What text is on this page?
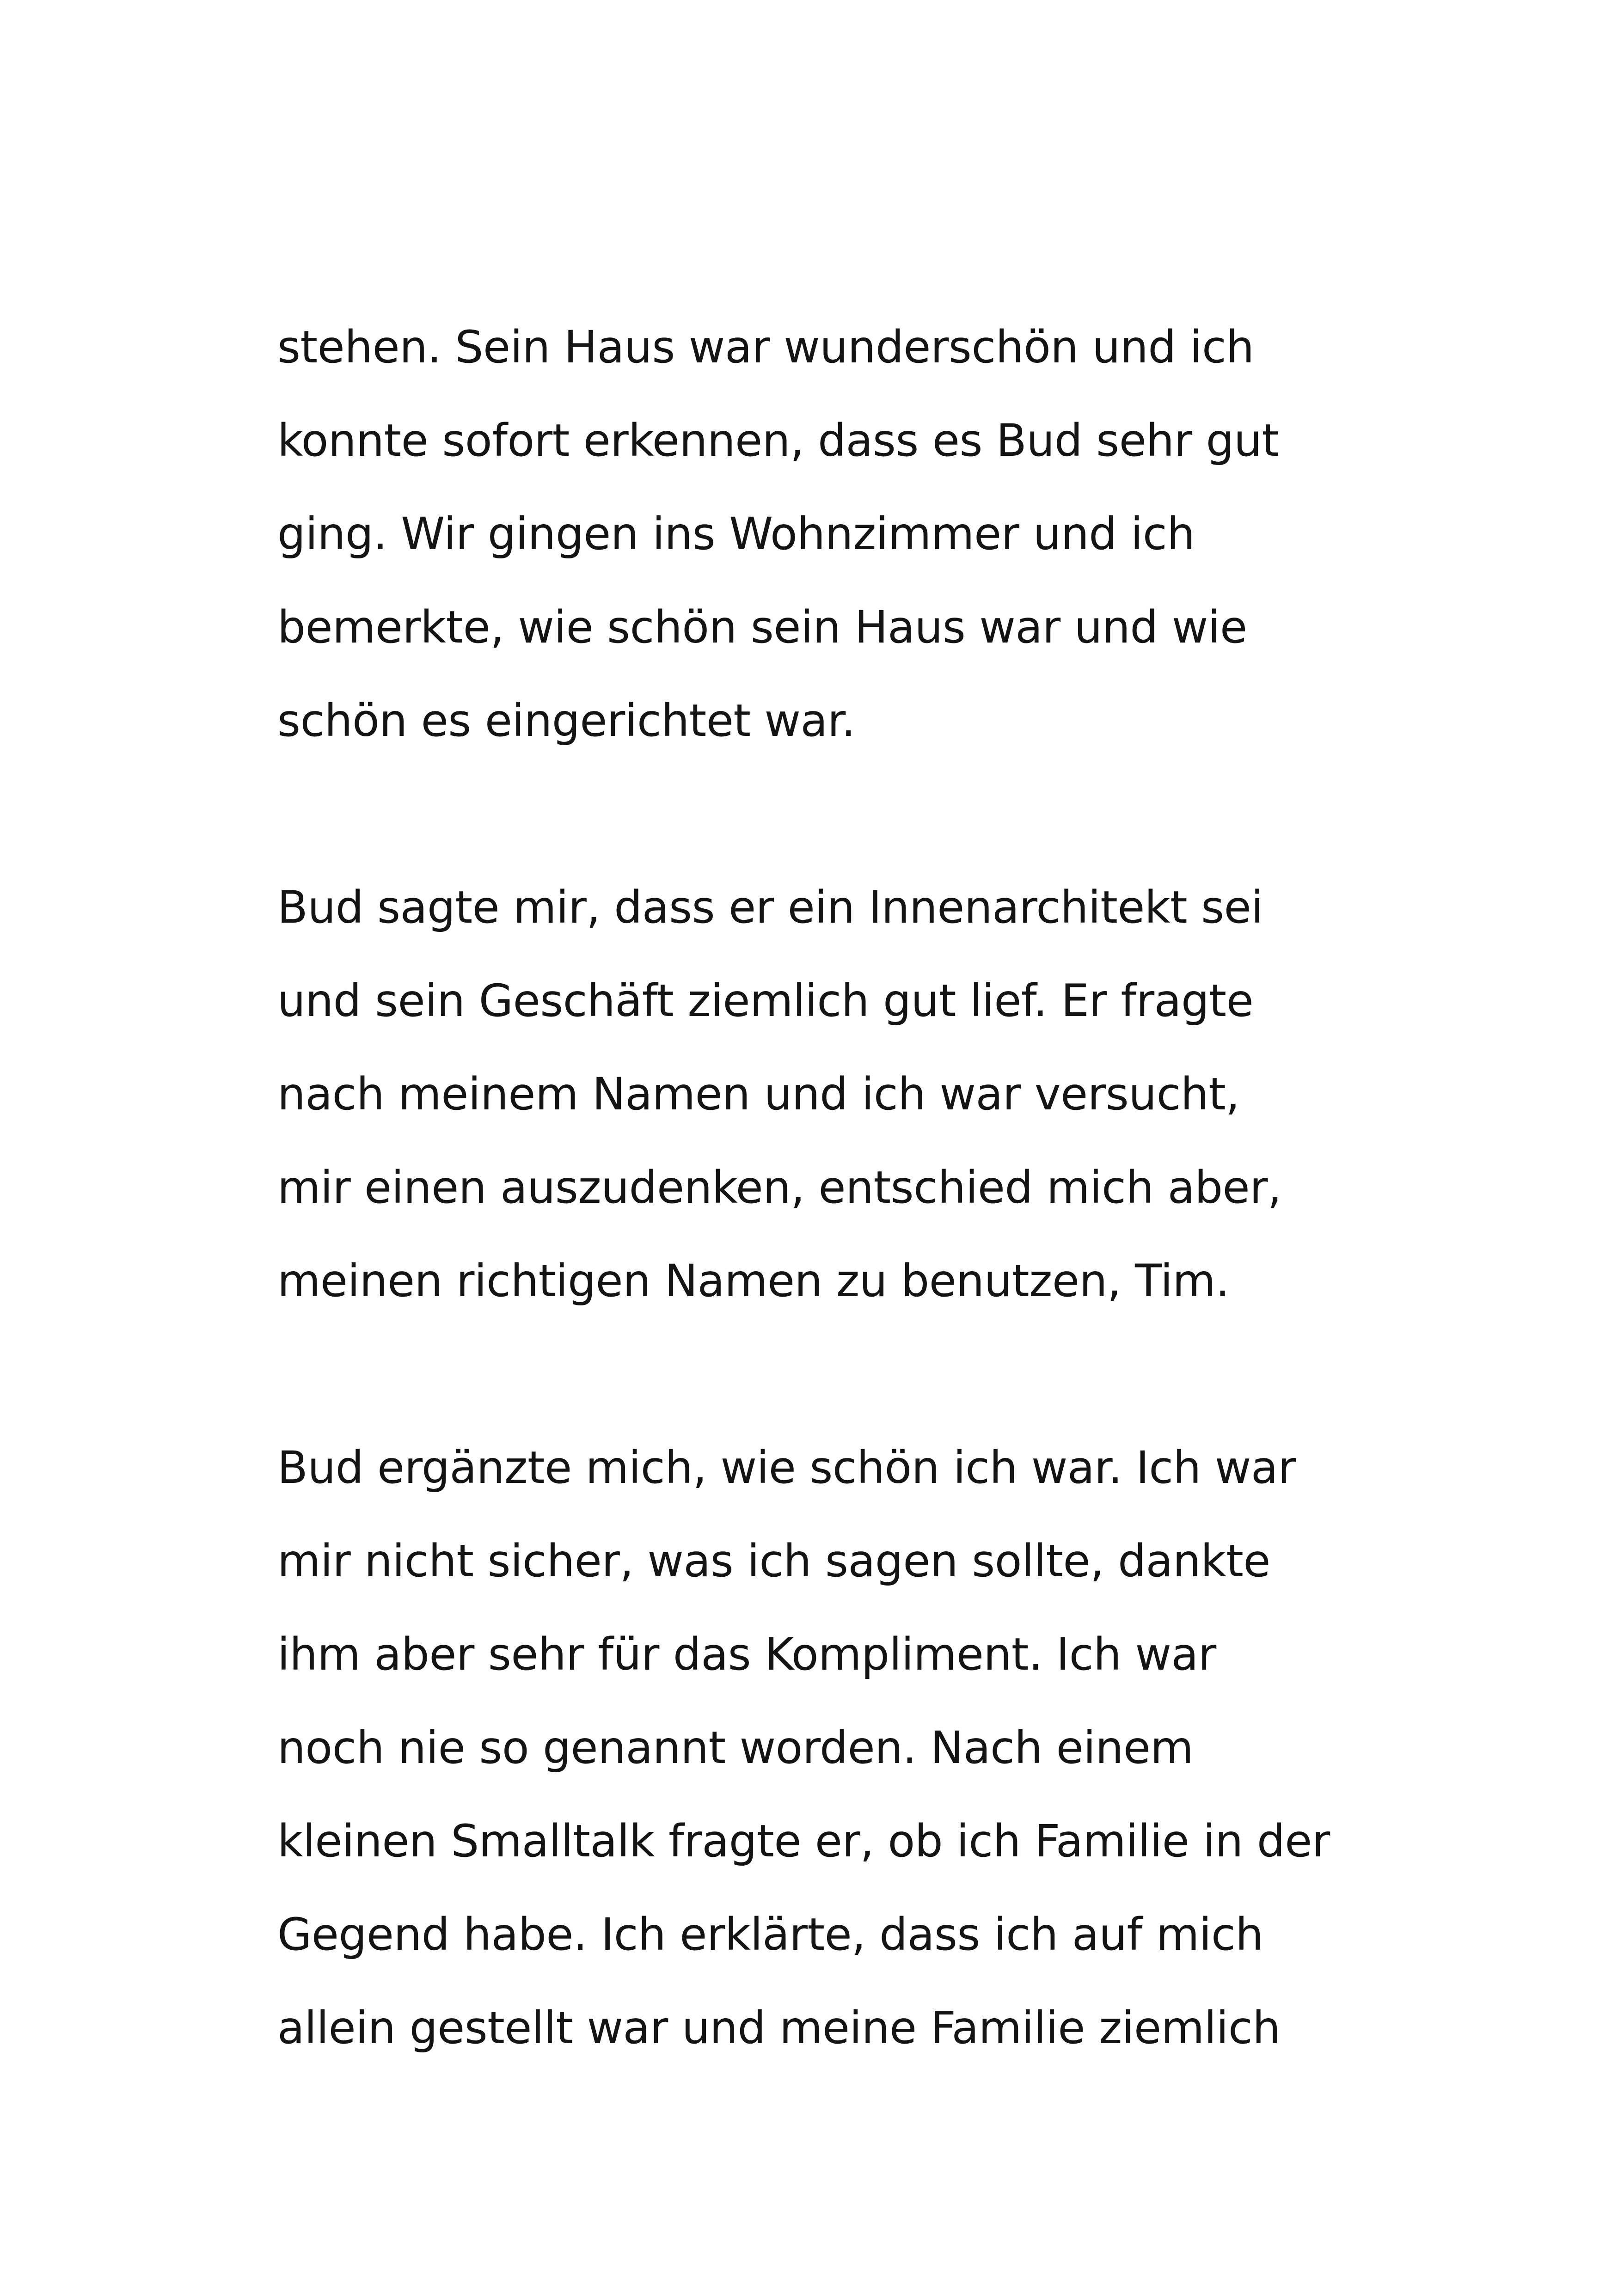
stehen. Sein Haus war wunderschön und ich
konnte sofort erkennen, dass es Bud sehr gut
ging. Wir gingen ins Wohnzimmer und ich
bemerkte, wie schön sein Haus war und wie
schön es eingerichtet war.

Bud sagte mir, dass er ein Innenarchitekt sei
und sein Geschäft ziemlich gut lief. Er fragte
nach meinem Namen und ich war versucht,
mir einen auszudenken, entschied mich aber,
meinen richtigen Namen zu benutzen, Tim.

Bud ergänzte mich, wie schön ich war. Ich war
mir nicht sicher, was ich sagen sollte, dankte
ihm aber sehr für das Kompliment. Ich war
noch nie so genannt worden. Nach einem
kleinen Smalltalk fragte er, ob ich Familie in der
Gegend habe. Ich erklärte, dass ich auf mich
allein gestellt war und meine Familie ziemlich
